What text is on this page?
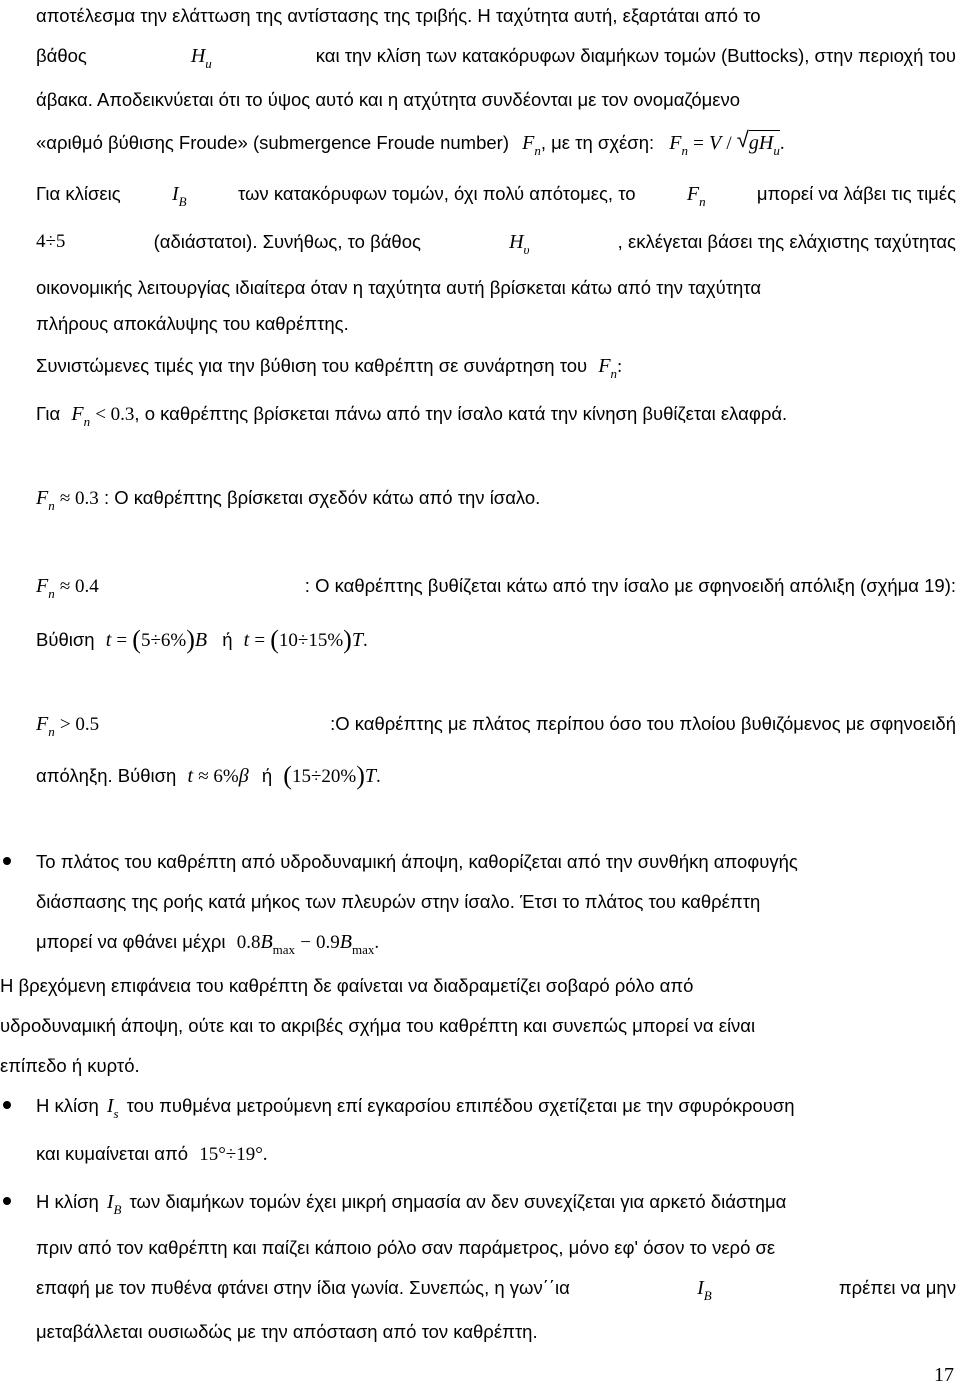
αποτέλεσμα την ελάττωση της αντίστασης της τριβής. Η ταχύτητα αυτή, εξαρτάται από το
βάθος	$H_u$	και την κλίση των κατακόρυφων διαμήκων τομών (Buttocks), στην περιοχή του
άβακα. Αποδεικνύεται ότι το ύψος αυτό και η ατχύτητα συνδέονται με τον ονομαζόμενο
«αριθμό βύθισης Froude» (submergence Froude number) $F_n$, με τη σχέση: $F_n = V / √gH_u$.
Για κλίσεις	$I_B$	των κατακόρυφων τομών, όχι πολύ απότομες, το	$F_n$	μπορεί να λάβει τις τιμές
4÷5	(αδιάστατοι). Συνήθως, το βάθος	$H_\upsilon$	, εκλέγεται βάσει της ελάχιστης ταχύτητας
οικονομικής λειτουργίας ιδιαίτερα όταν η ταχύτητα αυτή βρίσκεται κάτω από την ταχύτητα
πλήρους αποκάλυψης του καθρέπτης.
Συνιστώμενες τιμές για την βύθιση του καθρέπτη σε συνάρτηση του $F_n$:
Για $F_n < 0.3$, ο καθρέπτης βρίσκεται πάνω από την ίσαλο κατά την κίνηση βυθίζεται ελαφρά.
$F_n \approx 0.3$ : Ο καθρέπτης βρίσκεται σχεδόν κάτω από την ίσαλο.
$F_n \approx 0.4$	: Ο καθρέπτης βυθίζεται κάτω από την ίσαλο με σφηνοειδή απόλιξη (σχήμα 19):
Βύθιση t = (5÷6%)B ή t = (10÷15%)T.
$F_n > 0.5$	:Ο καθρέπτης με πλάτος περίπου όσο του πλοίου βυθιζόμενος με σφηνοειδή
απόληξη. Βύθιση t ≈ 6%β ή (15÷20%)T.
Το πλάτος του καθρέπτη από υδροδυναμική άποψη, καθορίζεται από την συνθήκη αποφυγής
διάσπασης της ροής κατά μήκος των πλευρών στην ίσαλο. Έτσι το πλάτος του καθρέπτη
μπορεί να φθάνει μέχρι $0.8B_{max} - 0.9B_{max}$.
Η βρεχόμενη επιφάνεια του καθρέπτη δε φαίνεται να διαδραμετίζει σοβαρό ρόλο από
υδροδυναμική άποψη, ούτε και το ακριβές σχήμα του καθρέπτη και συνεπώς μπορεί να είναι
επίπεδο ή κυρτό.
Η κλίση $I_s$ του πυθμένα μετρούμενη επί εγκαρσίου επιπέδου σχετίζεται με την σφυρόκρουση
και κυμαίνεται από 15°÷19°.
Η κλίση $I_B$ των διαμήκων τομών έχει μικρή σημασία αν δεν συνεχίζεται για αρκετό διάστημα
πριν από τον καθρέπτη και παίζει κάποιο ρόλο σαν παράμετρος, μόνο εφ' όσον το νερό σε
επαφή με τον πυθένα φτάνει στην ίδια γωνία. Συνεπώς, η γων΄΄ια	$I_B$	πρέπει να μην
μεταβάλλεται ουσιωδώς με την απόσταση από τον καθρέπτη.
17
